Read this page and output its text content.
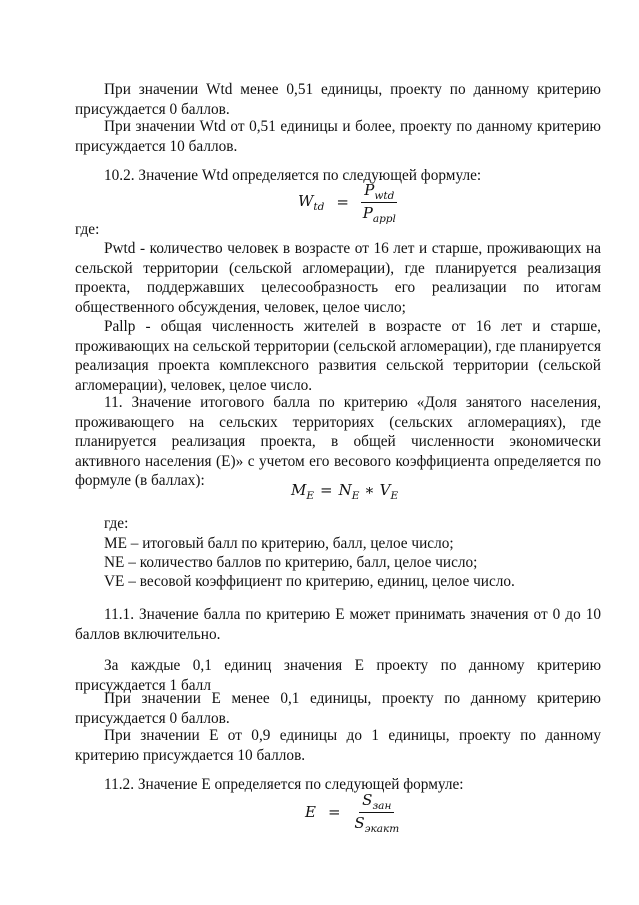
При значении Wtd менее 0,51 единицы, проекту по данному критерию присуждается 0 баллов.

При значении Wtd от 0,51 единицы и более, проекту по данному критерию присуждается 10 баллов.

10.2. Значение Wtd определяется по следующей формуле:

$W_{td} = \frac{P_{wtd}}{P_{appl}}$

где:

Pwtd - количество человек в возрасте от 16 лет и старше, проживающих на сельской территории (сельской агломерации), где планируется реализация проекта, поддержавших целесообразность его реализации по итогам общественного обсуждения, человек, целое число;

Pallp - общая численность жителей в возрасте от 16 лет и старше, проживающих на сельской территории (сельской агломерации), где планируется реализация проекта комплексного развития сельской территории (сельской агломерации), человек, целое число.

11. Значение итогового балла по критерию «Доля занятого населения, проживающего на сельских территориях (сельских агломерациях), где планируется реализация проекта, в общей численности экономически активного населения (Е)» с учетом его весового коэффициента определяется по формуле (в баллах):

$M_E = N_E$ ∗ $V_E$

где:

МЕ – итоговый балл по критерию, балл, целое число;

NE – количество баллов по критерию, балл, целое число;

VE – весовой коэффициент по критерию, единиц, целое число.

11.1. Значение балла по критерию Е может принимать значения от 0 до 10 баллов включительно.

За каждые 0,1 единиц значения Е проекту по данному критерию присуждается 1 балл

При значении Е менее 0,1 единицы, проекту по данному критерию присуждается 0 баллов.

При значении Е от 0,9 единицы до 1 единицы, проекту по данному критерию присуждается 10 баллов.

11.2. Значение Е определяется по следующей формуле:

$E = \frac{S_{зан}}{S_{экакт}}$
